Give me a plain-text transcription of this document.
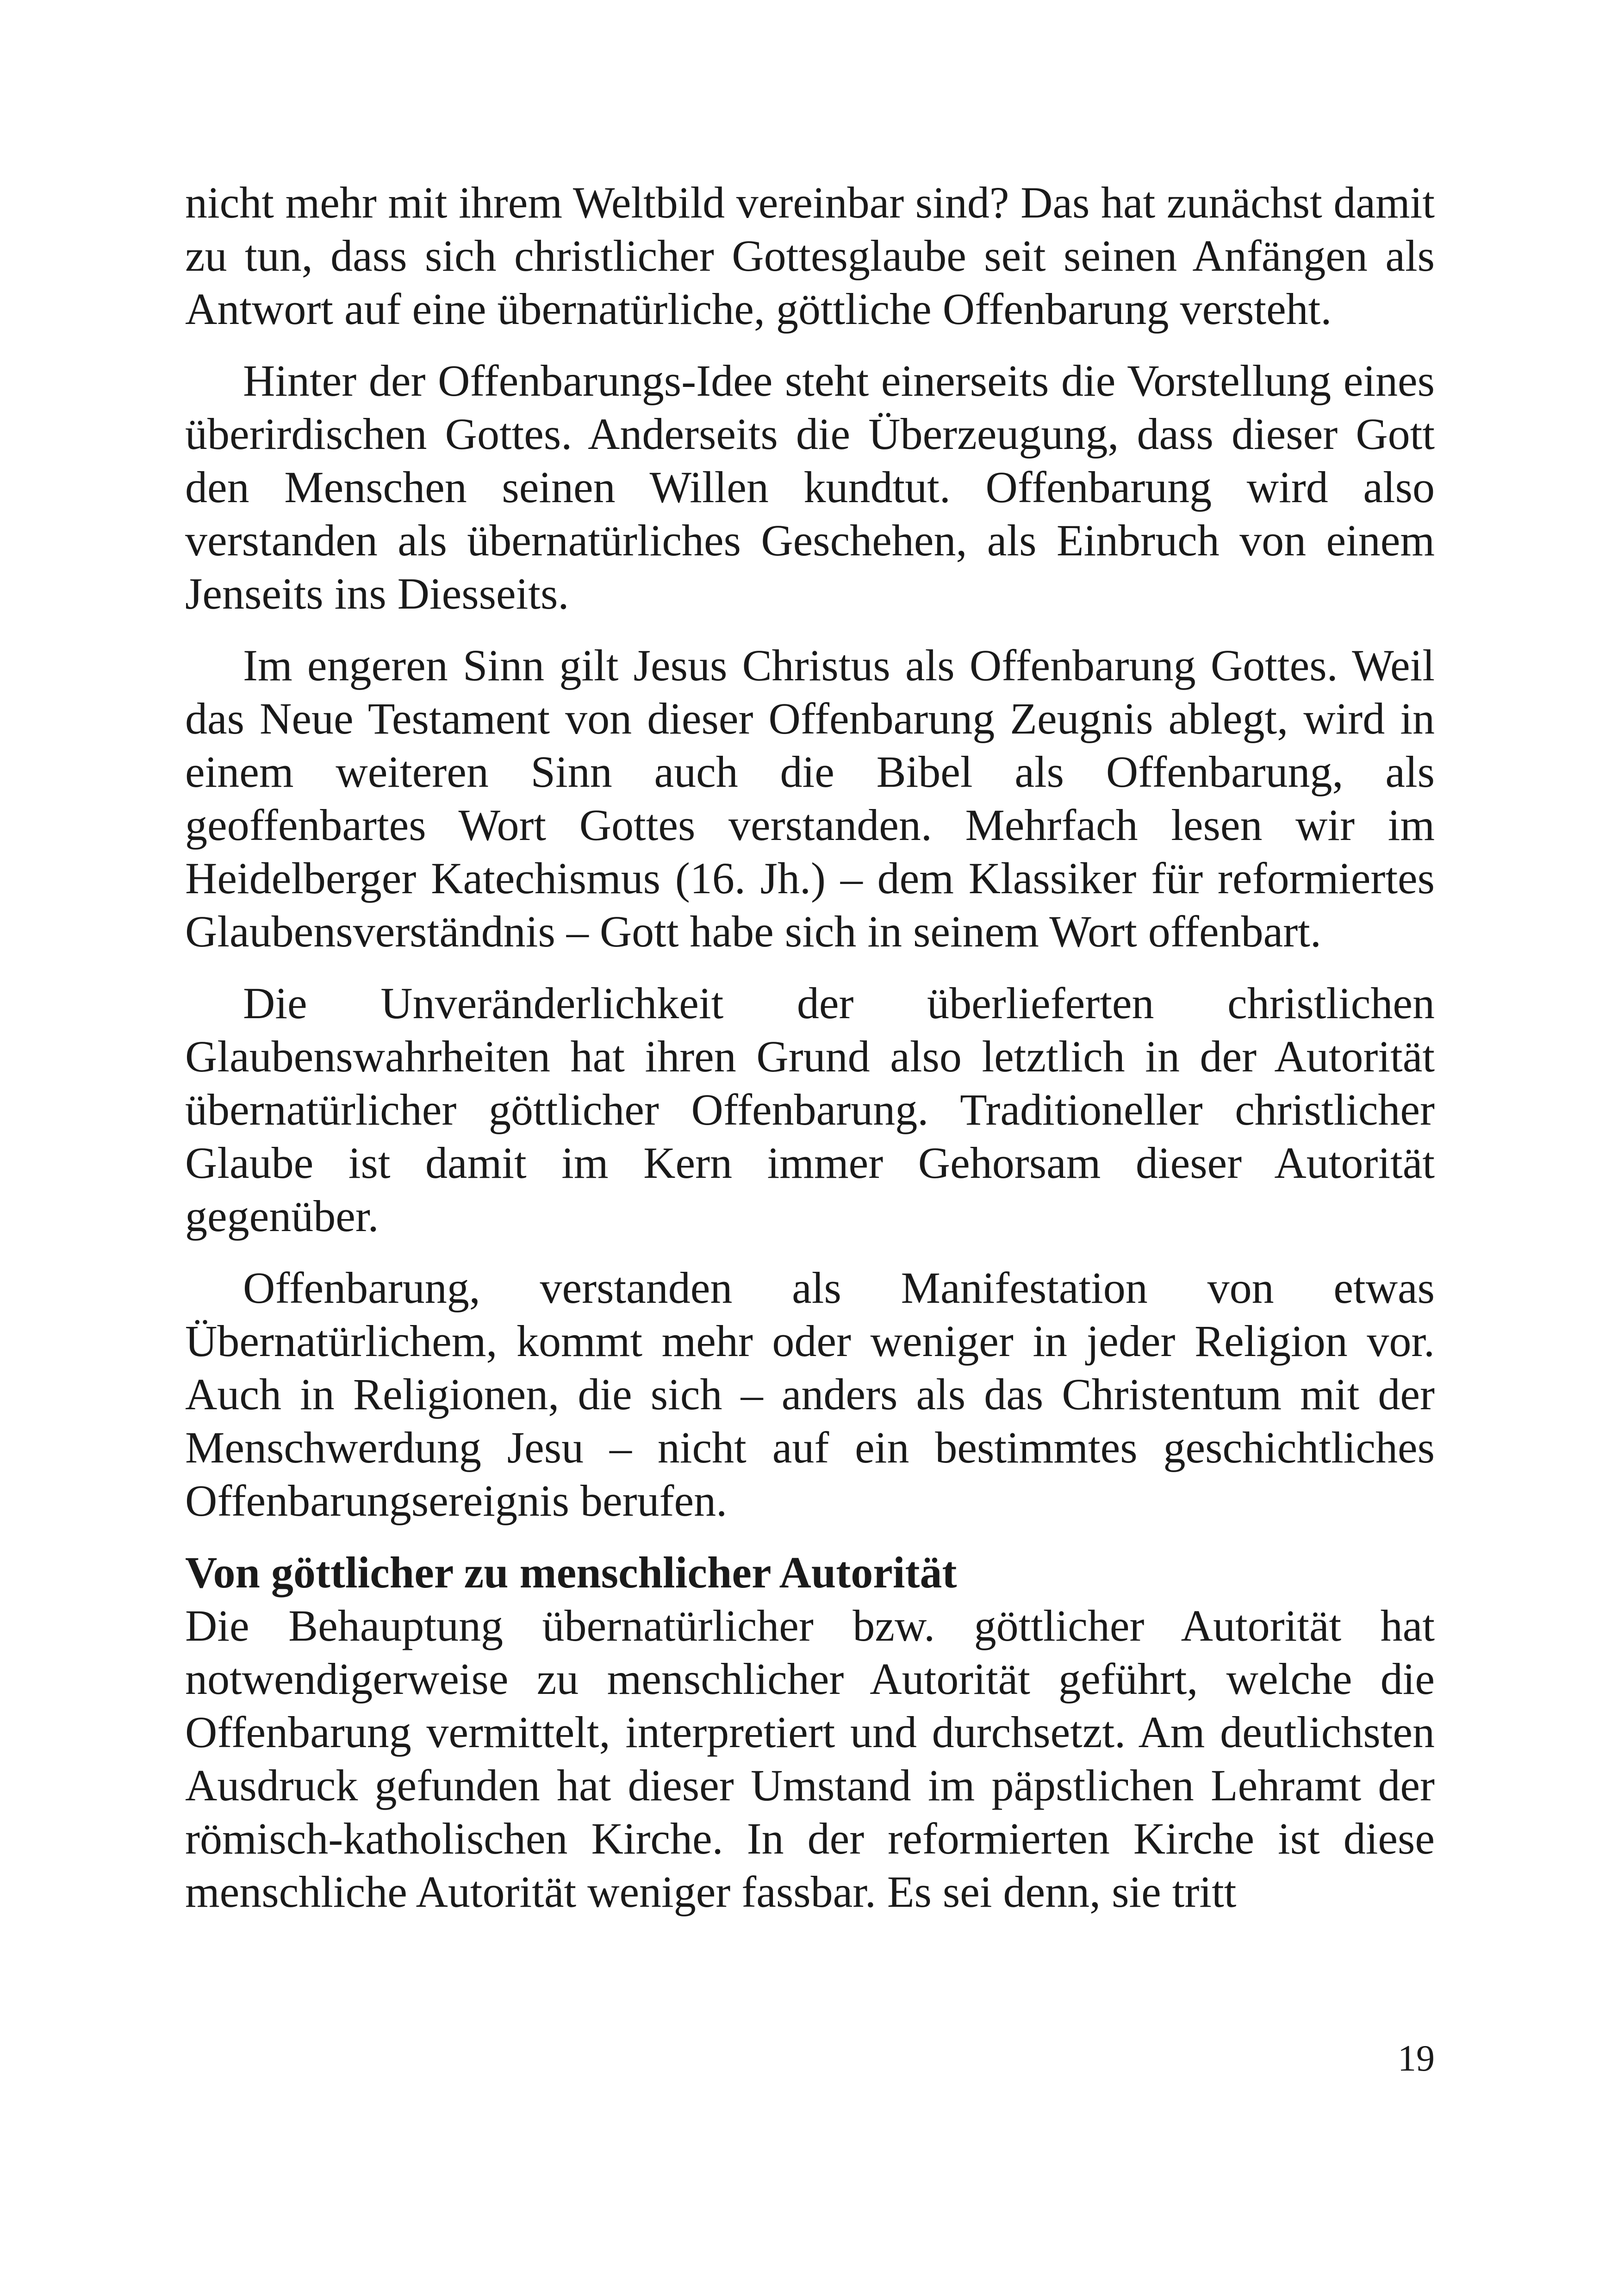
nicht mehr mit ihrem Weltbild vereinbar sind? Das hat zunächst damit zu tun, dass sich christlicher Gottesglaube seit seinen Anfängen als Antwort auf eine übernatürliche, göttliche Offenbarung versteht.

Hinter der Offenbarungs-Idee steht einerseits die Vorstellung eines überirdischen Gottes. Anderseits die Überzeugung, dass dieser Gott den Menschen seinen Willen kundtut. Offenbarung wird also verstanden als übernatürliches Geschehen, als Einbruch von einem Jenseits ins Diesseits.

Im engeren Sinn gilt Jesus Christus als Offenbarung Gottes. Weil das Neue Testament von dieser Offenbarung Zeugnis ablegt, wird in einem weiteren Sinn auch die Bibel als Offenbarung, als geoffenbartes Wort Gottes verstanden. Mehrfach lesen wir im Heidelberger Katechismus (16. Jh.) – dem Klassiker für reformiertes Glaubensverständnis – Gott habe sich in seinem Wort offenbart.

Die Unveränderlichkeit der überlieferten christlichen Glaubenswahrheiten hat ihren Grund also letztlich in der Autorität übernatürlicher göttlicher Offenbarung. Traditioneller christlicher Glaube ist damit im Kern immer Gehorsam dieser Autorität gegenüber.

Offenbarung, verstanden als Manifestation von etwas Übernatürlichem, kommt mehr oder weniger in jeder Religion vor. Auch in Religionen, die sich – anders als das Christentum mit der Menschwerdung Jesu – nicht auf ein bestimmtes geschichtliches Offenbarungsereignis berufen.

Von göttlicher zu menschlicher Autorität

Die Behauptung übernatürlicher bzw. göttlicher Autorität hat notwendigerweise zu menschlicher Autorität geführt, welche die Offenbarung vermittelt, interpretiert und durchsetzt. Am deutlichsten Ausdruck gefunden hat dieser Umstand im päpstlichen Lehramt der römisch-katholischen Kirche. In der reformierten Kirche ist diese menschliche Autorität weniger fassbar. Es sei denn, sie tritt

19
